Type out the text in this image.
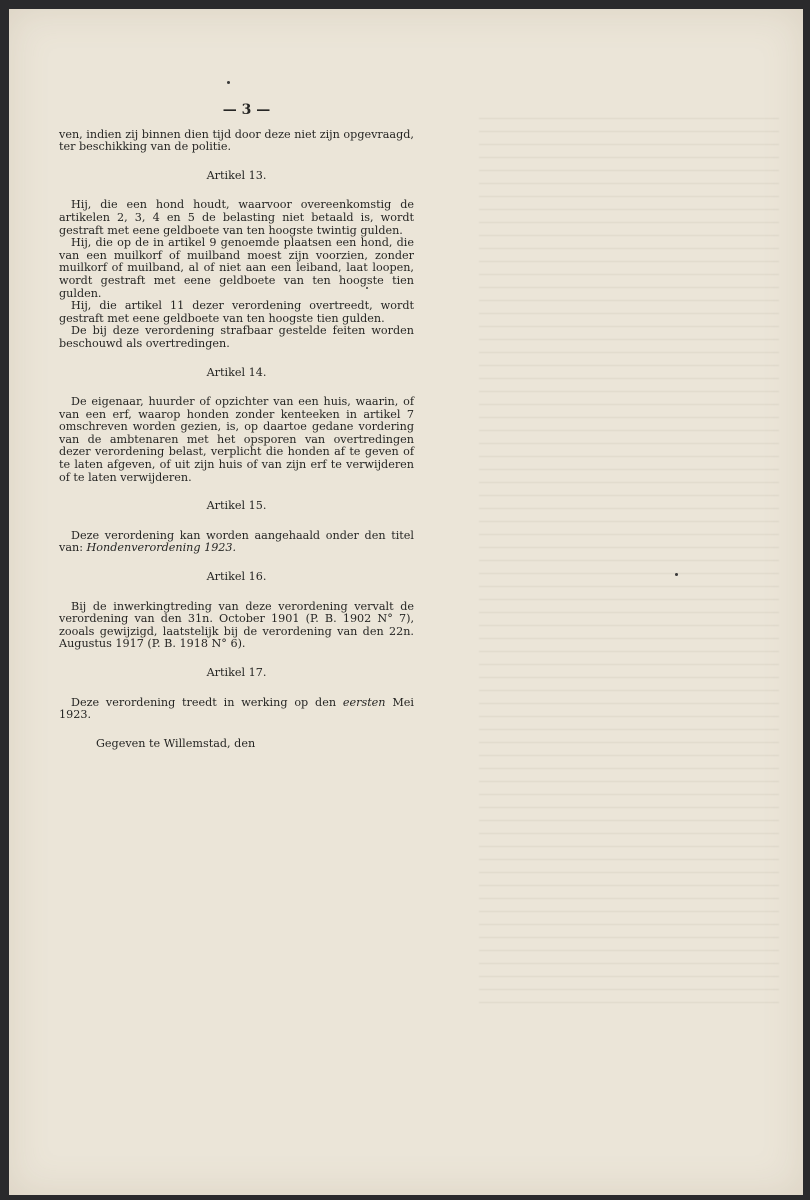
— 3 —

ven, indien zij binnen dien tijd door deze niet zijn opgevraagd, ter beschikking van de politie.

Artikel 13.

Hij, die een hond houdt, waarvoor overeenkomstig de artikelen 2, 3, 4 en 5 de belasting niet betaald is, wordt gestraft met eene geldboete van ten hoogste twintig gulden.

Hij, die op de in artikel 9 genoemde plaatsen een hond, die van een muilkorf of muilband moest zijn voorzien, zonder muilkorf of muilband, al of niet aan een leiband, laat loopen, wordt gestraft met eene geldboete van ten hoogste tien gulden.

Hij, die artikel 11 dezer verordening overtreedt, wordt gestraft met eene geldboete van ten hoogste tien gulden.

De bij deze verordening strafbaar gestelde feiten worden beschouwd als overtredingen.

Artikel 14.

De eigenaar, huurder of opzichter van een huis, waarin, of van een erf, waarop honden zonder kenteeken in artikel 7 omschreven worden gezien, is, op daartoe gedane vordering van de ambtenaren met het opsporen van overtredingen dezer verordening belast, verplicht die honden af te geven of te laten afgeven, of uit zijn huis of van zijn erf te verwijderen of te laten verwijderen.

Artikel 15.

Deze verordening kan worden aangehaald onder den titel van: Hondenverordening 1923.

Artikel 16.

Bij de inwerkingtreding van deze verordening vervalt de verordening van den 31n. October 1901 (P. B. 1902 N° 7), zooals gewijzigd, laatstelijk bij de verordening van den 22n. Augustus 1917 (P. B. 1918 N° 6).

Artikel 17.

Deze verordening treedt in werking op den eersten Mei 1923.

Gegeven te Willemstad, den
